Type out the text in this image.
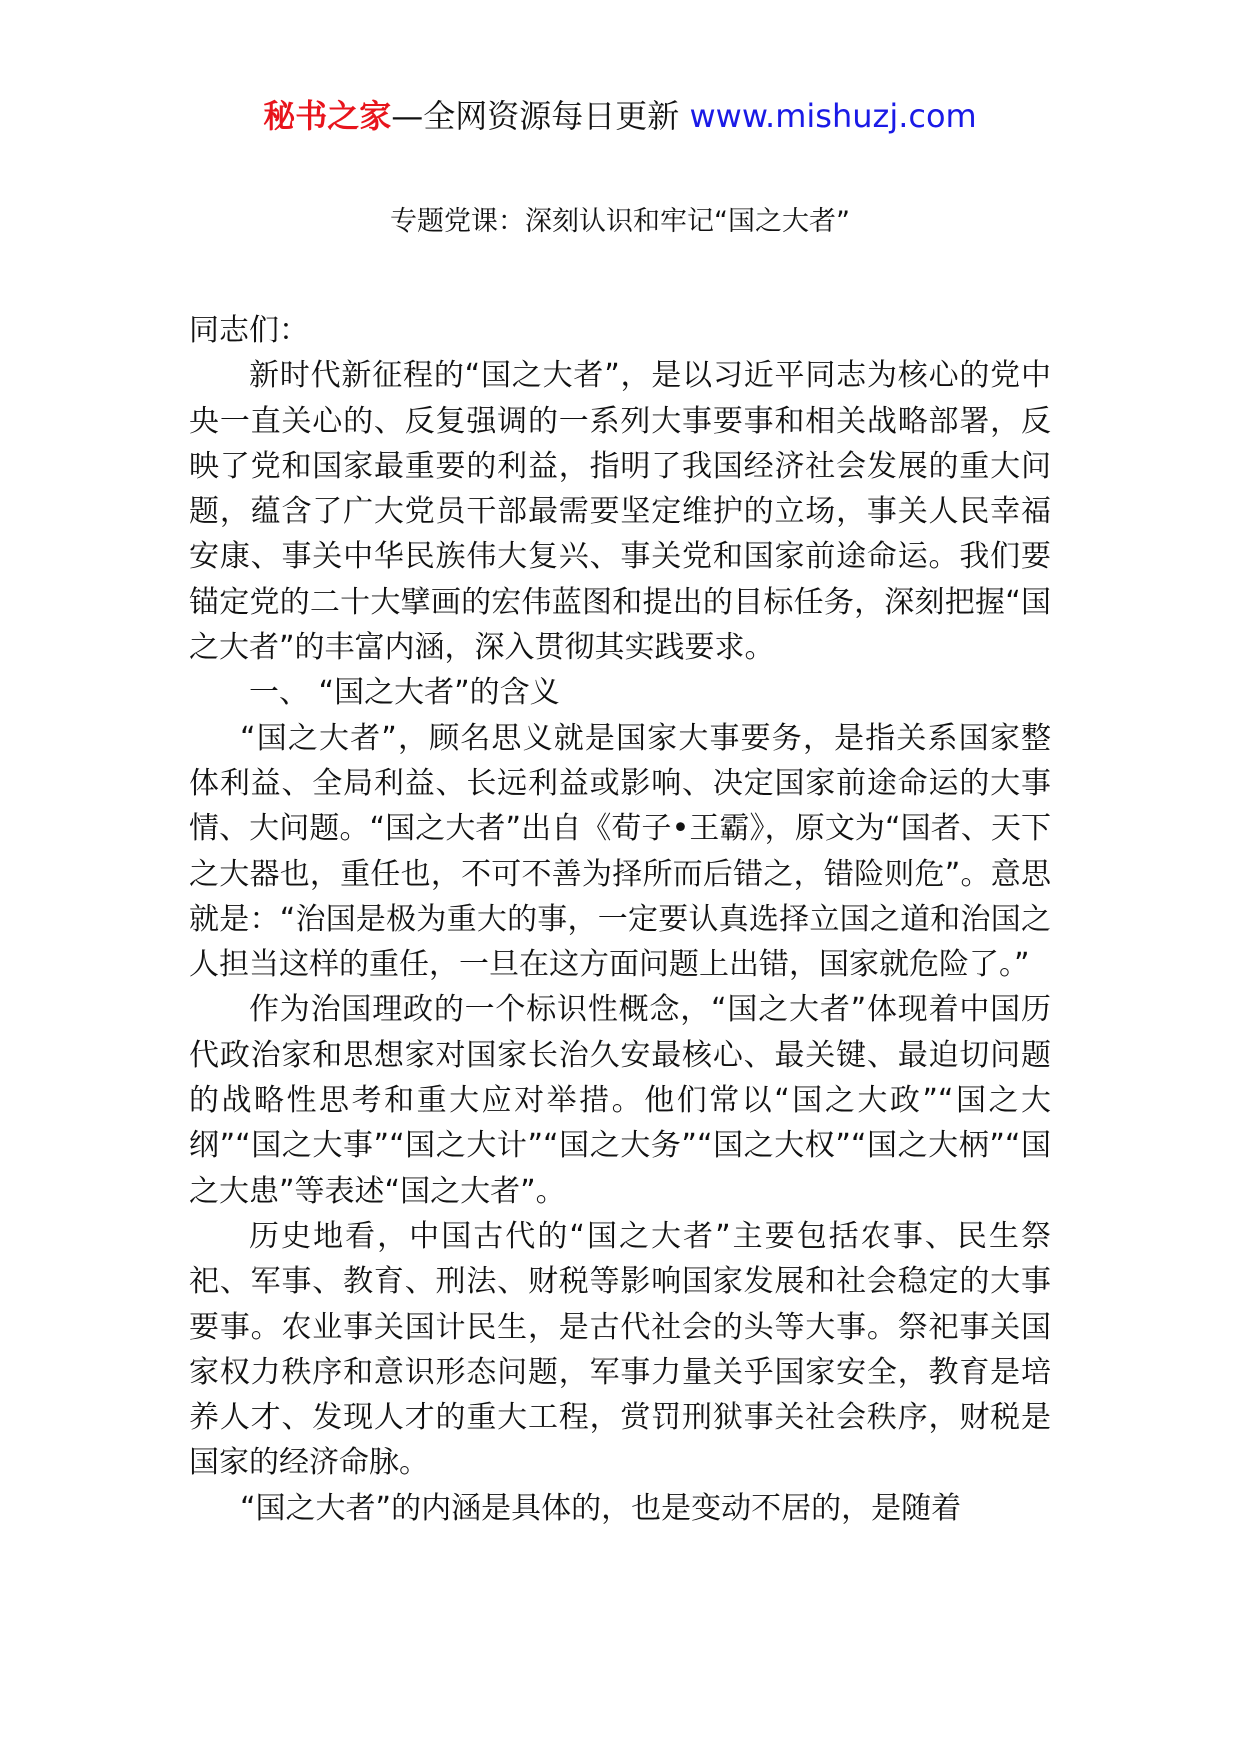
秘书之家—全网资源每日更新 www.mishuzj.com
专题党课：深刻认识和牢记“国之大者”

同志们：

新时代新征程的“国之大者”，是以习近平同志为核心的党中央一直关心的、反复强调的一系列大事要事和相关战略部署，反映了党和国家最重要的利益，指明了我国经济社会发展的重大问题，蕴含了广大党员干部最需要坚定维护的立场，事关人民幸福安康、事关中华民族伟大复兴、事关党和国家前途命运。我们要锚定党的二十大擘画的宏伟蓝图和提出的目标任务，深刻把握“国之大者”的丰富内涵，深入贯彻其实践要求。

一、 “国之大者”的含义

“国之大者”，顾名思义就是国家大事要务，是指关系国家整体利益、全局利益、长远利益或影响、决定国家前途命运的大事情、大问题。“国之大者”出自《荀子•王霸》，原文为“国者、天下之大器也，重任也，不可不善为择所而后错之，错险则危”。意思就是：“治国是极为重大的事，一定要认真选择立国之道和治国之人担当这样的重任，一旦在这方面问题上出错，国家就危险了。”

作为治国理政的一个标识性概念，“国之大者”体现着中国历代政治家和思想家对国家长治久安最核心、最关键、最迫切问题的战略性思考和重大应对举措。他们常以“国之大政”“国之大纲”“国之大事”“国之大计”“国之大务”“国之大权”“国之大柄”“国之大患”等表述“国之大者”。

历史地看，中国古代的“国之大者”主要包括农事、民生祭祀、军事、教育、刑法、财税等影响国家发展和社会稳定的大事要事。农业事关国计民生，是古代社会的头等大事。祭祀事关国家权力秩序和意识形态问题，军事力量关乎国家安全，教育是培养人才、发现人才的重大工程，赏罚刑狱事关社会秩序，财税是国家的经济命脉。

“国之大者”的内涵是具体的，也是变动不居的，是随着
